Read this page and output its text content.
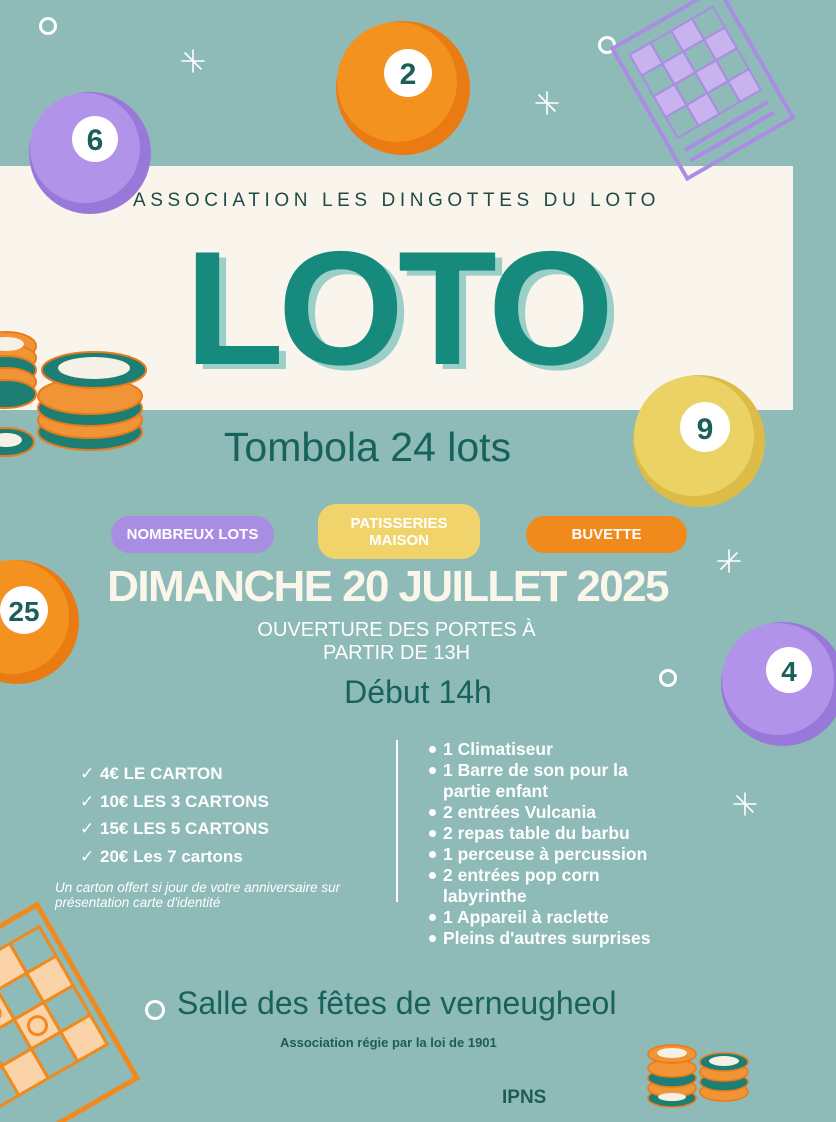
2
6
9
25
4
ASSOCIATION LES DINGOTTES DU LOTO
LOTO
Tombola 24 lots
NOMBREUX LOTS
PATISSERIES MAISON	BUVETTE
DIMANCHE 20 JUILLET 2025
OUVERTURE DES PORTES À
PARTIR DE 13H
Début 14h
✓ 4€ LE CARTON
✓ 10€ LES 3 CARTONS
✓ 15€ LES 5 CARTONS
✓ 20€ Les 7 cartons
Un carton offert si jour de votre anniversaire sur présentation carte d'identité
1 Climatiseur
1 Barre de son pour la
partie enfant
2 entrées Vulcania
2 repas table du barbu
1 perceuse à percussion
2 entrées pop corn
labyrinthe
1 Appareil à raclette
Pleins d'autres surprises
Salle des fêtes de verneugheol
Association régie par la loi de 1901
IPNS
